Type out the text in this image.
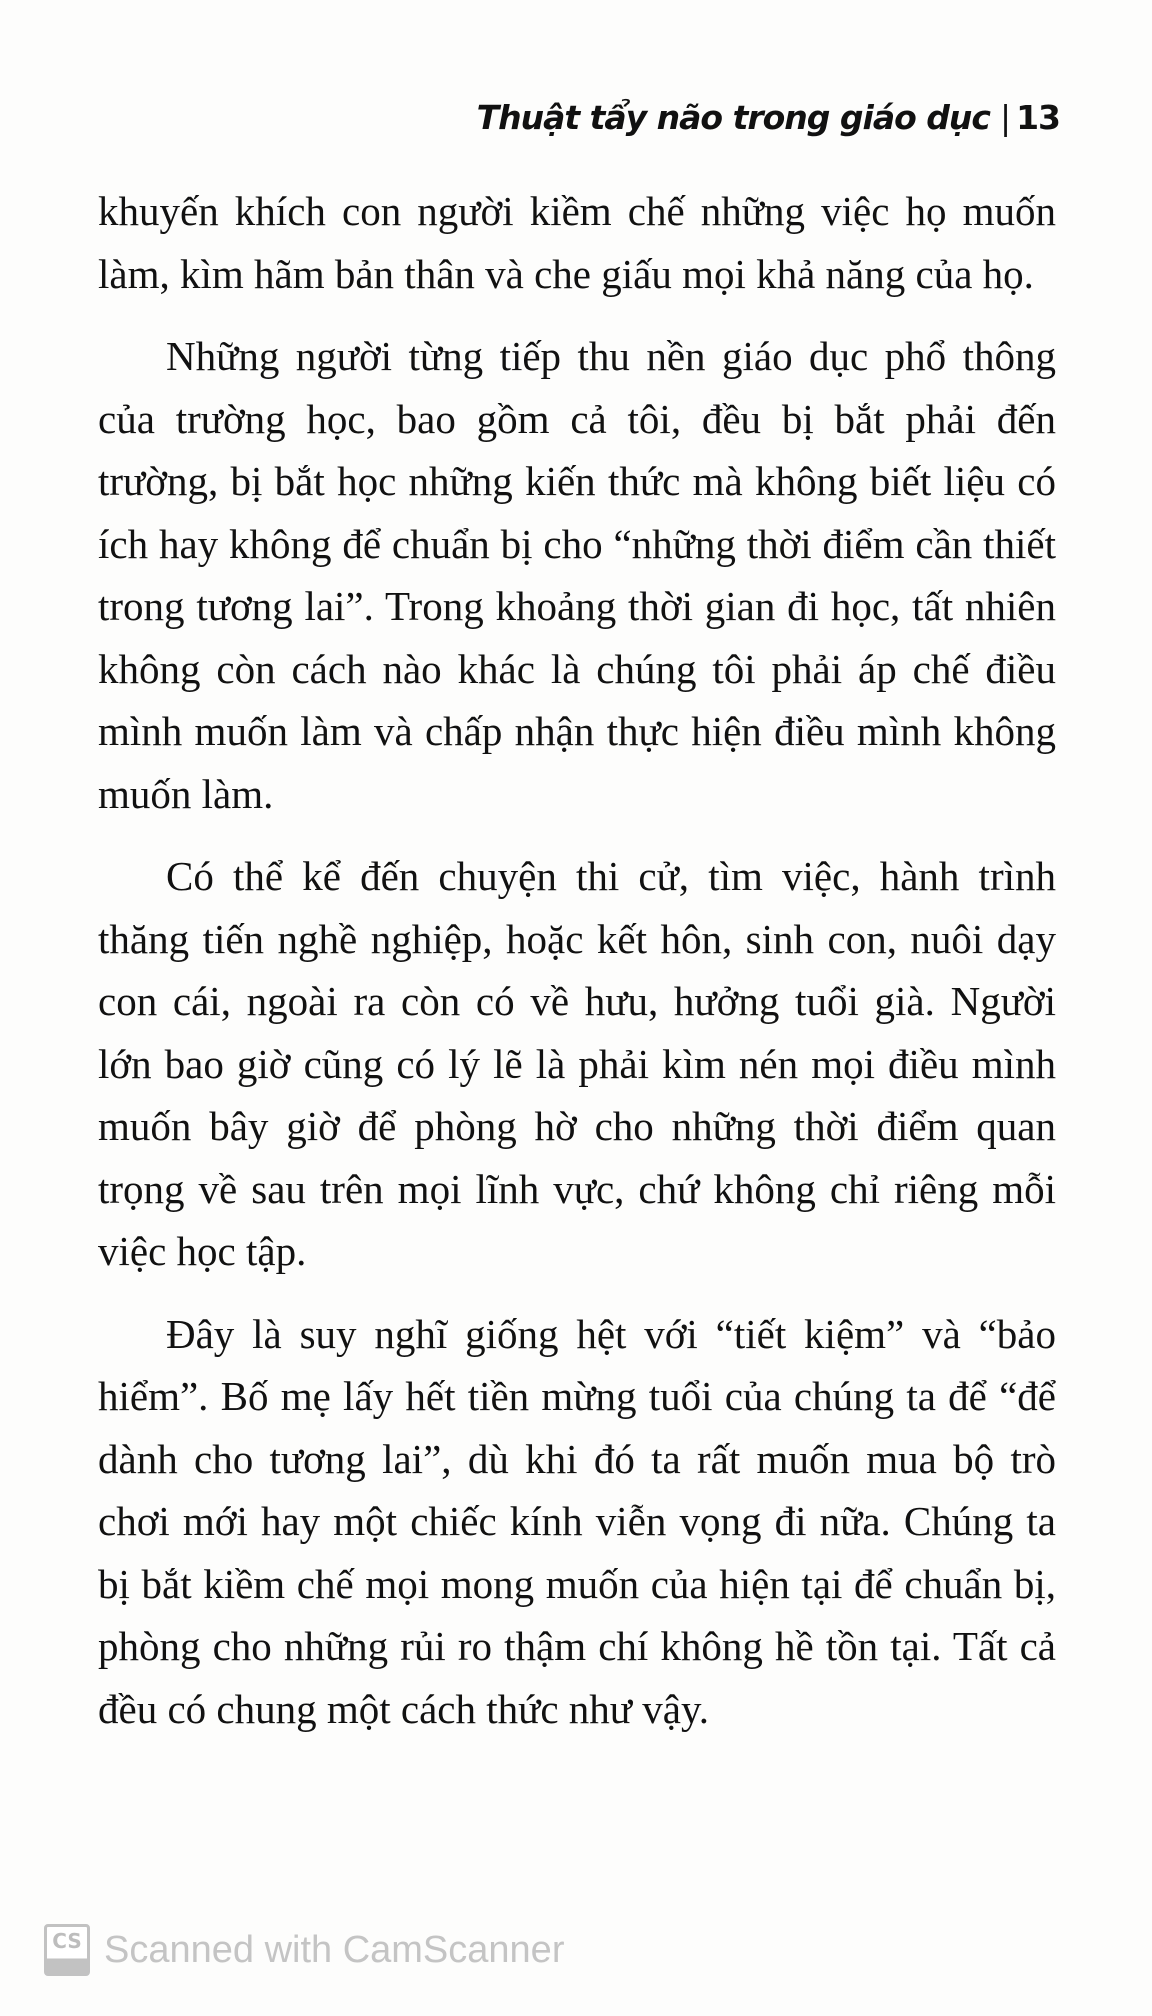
Thuật tẩy não trong giáo dục | 13

khuyến khích con người kiềm chế những việc họ muốn làm, kìm hãm bản thân và che giấu mọi khả năng của họ.

Những người từng tiếp thu nền giáo dục phổ thông của trường học, bao gồm cả tôi, đều bị bắt phải đến trường, bị bắt học những kiến thức mà không biết liệu có ích hay không để chuẩn bị cho “những thời điểm cần thiết trong tương lai”. Trong khoảng thời gian đi học, tất nhiên không còn cách nào khác là chúng tôi phải áp chế điều mình muốn làm và chấp nhận thực hiện điều mình không muốn làm.

Có thể kể đến chuyện thi cử, tìm việc, hành trình thăng tiến nghề nghiệp, hoặc kết hôn, sinh con, nuôi dạy con cái, ngoài ra còn có về hưu, hưởng tuổi già. Người lớn bao giờ cũng có lý lẽ là phải kìm nén mọi điều mình muốn bây giờ để phòng hờ cho những thời điểm quan trọng về sau trên mọi lĩnh vực, chứ không chỉ riêng mỗi việc học tập.

Đây là suy nghĩ giống hệt với “tiết kiệm” và “bảo hiểm”. Bố mẹ lấy hết tiền mừng tuổi của chúng ta để “để dành cho tương lai”, dù khi đó ta rất muốn mua bộ trò chơi mới hay một chiếc kính viễn vọng đi nữa. Chúng ta bị bắt kiềm chế mọi mong muốn của hiện tại để chuẩn bị, phòng cho những rủi ro thậm chí không hề tồn tại. Tất cả đều có chung một cách thức như vậy.

CS Scanned with CamScanner
